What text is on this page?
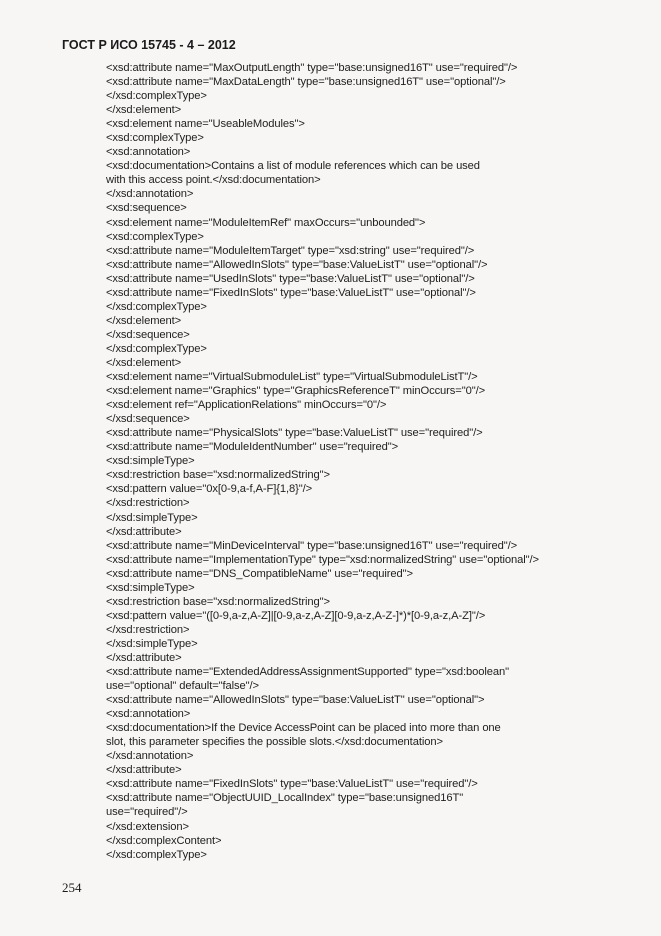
ГОСТ Р ИСО 15745 - 4 – 2012
<xsd:attribute name="MaxOutputLength" type="base:unsigned16T" use="required"/>
<xsd:attribute name="MaxDataLength" type="base:unsigned16T" use="optional"/>
</xsd:complexType>
</xsd:element>
<xsd:element name="UseableModules">
<xsd:complexType>
<xsd:annotation>
<xsd:documentation>Contains a list of module references which can be used
with this access point.</xsd:documentation>
</xsd:annotation>
<xsd:sequence>
<xsd:element name="ModuleItemRef" maxOccurs="unbounded">
<xsd:complexType>
<xsd:attribute name="ModuleItemTarget" type="xsd:string" use="required"/>
<xsd:attribute name="AllowedInSlots" type="base:ValueListT" use="optional"/>
<xsd:attribute name="UsedInSlots" type="base:ValueListT" use="optional"/>
<xsd:attribute name="FixedInSlots" type="base:ValueListT" use="optional"/>
</xsd:complexType>
</xsd:element>
</xsd:sequence>
</xsd:complexType>
</xsd:element>
<xsd:element name="VirtualSubmoduleList" type="VirtualSubmoduleListT"/>
<xsd:element name="Graphics" type="GraphicsReferenceT" minOccurs="0"/>
<xsd:element ref="ApplicationRelations" minOccurs="0"/>
</xsd:sequence>
<xsd:attribute name="PhysicalSlots" type="base:ValueListT" use="required"/>
<xsd:attribute name="ModuleIdentNumber" use="required">
<xsd:simpleType>
<xsd:restriction base="xsd:normalizedString">
<xsd:pattern value="0x[0-9,a-f,A-F]{1,8}"/>
</xsd:restriction>
</xsd:simpleType>
</xsd:attribute>
<xsd:attribute name="MinDeviceInterval" type="base:unsigned16T" use="required"/>
<xsd:attribute name="ImplementationType" type="xsd:normalizedString" use="optional"/>
<xsd:attribute name="DNS_CompatibleName" use="required">
<xsd:simpleType>
<xsd:restriction base="xsd:normalizedString">
<xsd:pattern value="([0-9,a-z,A-Z]|[0-9,a-z,A-Z][0-9,a-z,A-Z-]*)*[0-9,a-z,A-Z]"/>
</xsd:restriction>
</xsd:simpleType>
</xsd:attribute>
<xsd:attribute name="ExtendedAddressAssignmentSupported" type="xsd:boolean"
use="optional" default="false"/>
<xsd:attribute name="AllowedInSlots" type="base:ValueListT" use="optional">
<xsd:annotation>
<xsd:documentation>If the Device AccessPoint can be placed into more than one
slot, this parameter specifies the possible slots.</xsd:documentation>
</xsd:annotation>
</xsd:attribute>
<xsd:attribute name="FixedInSlots" type="base:ValueListT" use="required"/>
<xsd:attribute name="ObjectUUID_LocalIndex" type="base:unsigned16T"
use="required"/>
</xsd:extension>
</xsd:complexContent>
</xsd:complexType>
254
